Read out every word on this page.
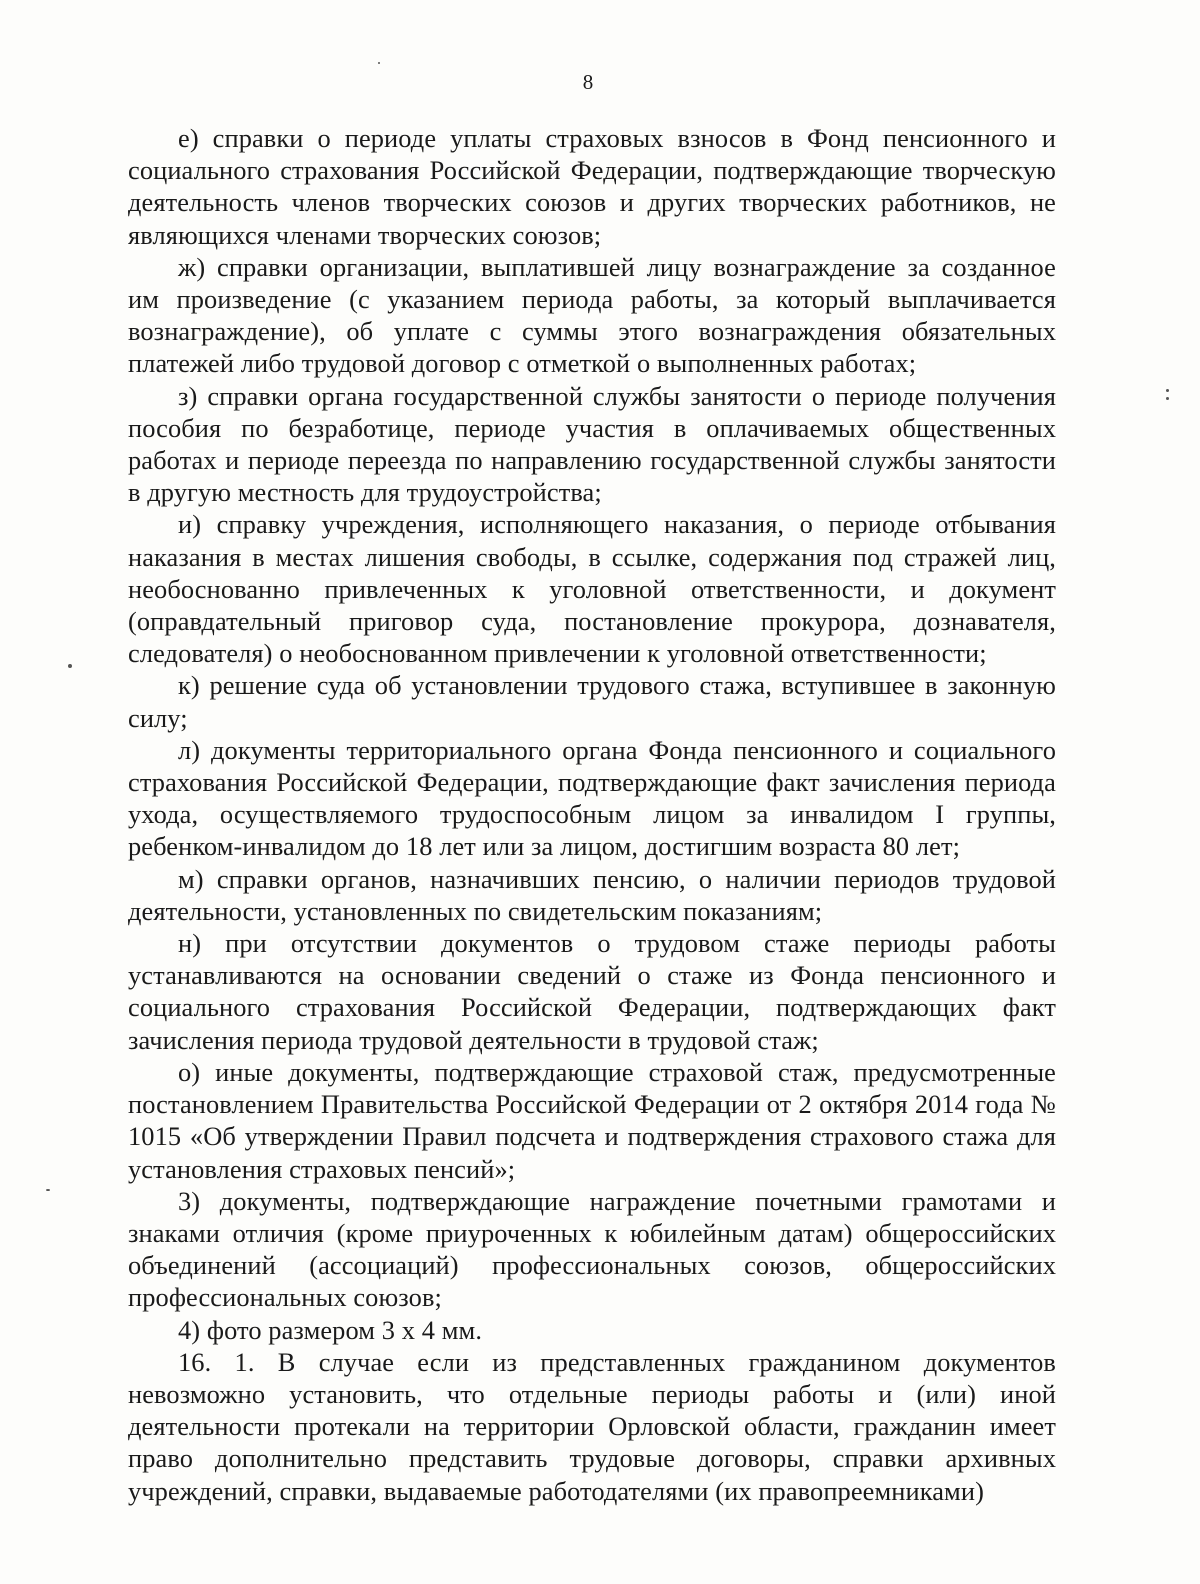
8

е) справки о периоде уплаты страховых взносов в Фонд пенсионного и социального страхования Российской Федерации, подтверждающие творческую деятельность членов творческих союзов и других творческих работников, не являющихся членами творческих союзов;

ж) справки организации, выплатившей лицу вознаграждение за созданное им произведение (с указанием периода работы, за который выплачивается вознаграждение), об уплате с суммы этого вознаграждения обязательных платежей либо трудовой договор с отметкой о выполненных работах;

з) справки органа государственной службы занятости о периоде получения пособия по безработице, периоде участия в оплачиваемых общественных работах и периоде переезда по направлению государственной службы занятости в другую местность для трудоустройства;

и) справку учреждения, исполняющего наказания, о периоде отбывания наказания в местах лишения свободы, в ссылке, содержания под стражей лиц, необоснованно привлеченных к уголовной ответственности, и документ (оправдательный приговор суда, постановление прокурора, дознавателя, следователя) о необоснованном привлечении к уголовной ответственности;

к) решение суда об установлении трудового стажа, вступившее в законную силу;

л) документы территориального органа Фонда пенсионного и социального страхования Российской Федерации, подтверждающие факт зачисления периода ухода, осуществляемого трудоспособным лицом за инвалидом I группы, ребенком-инвалидом до 18 лет или за лицом, достигшим возраста 80 лет;

м) справки органов, назначивших пенсию, о наличии периодов трудовой деятельности, установленных по свидетельским показаниям;

н) при отсутствии документов о трудовом стаже периоды работы устанавливаются на основании сведений о стаже из Фонда пенсионного и социального страхования Российской Федерации, подтверждающих факт зачисления периода трудовой деятельности в трудовой стаж;

о) иные документы, подтверждающие страховой стаж, предусмотренные постановлением Правительства Российской Федерации от 2 октября 2014 года № 1015 «Об утверждении Правил подсчета и подтверждения страхового стажа для установления страховых пенсий»;

3) документы, подтверждающие награждение почетными грамотами и знаками отличия (кроме приуроченных к юбилейным датам) общероссийских объединений (ассоциаций) профессиональных союзов, общероссийских профессиональных союзов;

4) фото размером 3 х 4 мм.

16. 1. В случае если из представленных гражданином документов невозможно установить, что отдельные периоды работы и (или) иной деятельности протекали на территории Орловской области, гражданин имеет право дополнительно представить трудовые договоры, справки архивных учреждений, справки, выдаваемые работодателями (их правопреемниками)
